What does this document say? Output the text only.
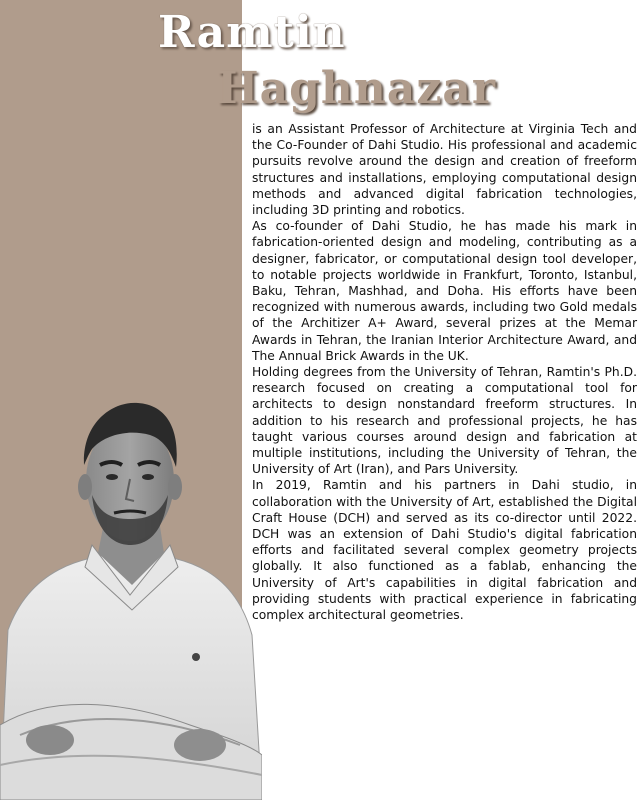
Ramtin
Haghnazar

is an Assistant Professor of Architecture at Virginia Tech and the Co-Founder of Dahi Studio. His professional and academic pursuits revolve around the design and creation of freeform structures and installations, employing computational design methods and advanced digital fabrication technologies, including 3D printing and robotics.

As co-founder of Dahi Studio, he has made his mark in fabrication-oriented design and modeling, contributing as a designer, fabricator, or computational design tool developer, to notable projects worldwide in Frankfurt, Toronto, Istanbul, Baku, Tehran, Mashhad, and Doha. His efforts have been recognized with numerous awards, including two Gold medals of the Architizer A+ Award, several prizes at the Memar Awards in Tehran, the Iranian Interior Architecture Award, and The Annual Brick Awards in the UK.

Holding degrees from the University of Tehran, Ramtin's Ph.D. research focused on creating a computational tool for architects to design nonstandard freeform structures. In addition to his research and professional projects, he has taught various courses around design and fabrication at multiple institutions, including the University of Tehran, the University of Art (Iran), and Pars University.

In 2019, Ramtin and his partners in Dahi studio, in collaboration with the University of Art, established the Digital Craft House (DCH) and served as its co-director until 2022. DCH was an extension of Dahi Studio's digital fabrication efforts and facilitated several complex geometry projects globally. It also functioned as a fablab, enhancing the University of Art's capabilities in digital fabrication and providing students with practical experience in fabricating complex architectural geometries.
